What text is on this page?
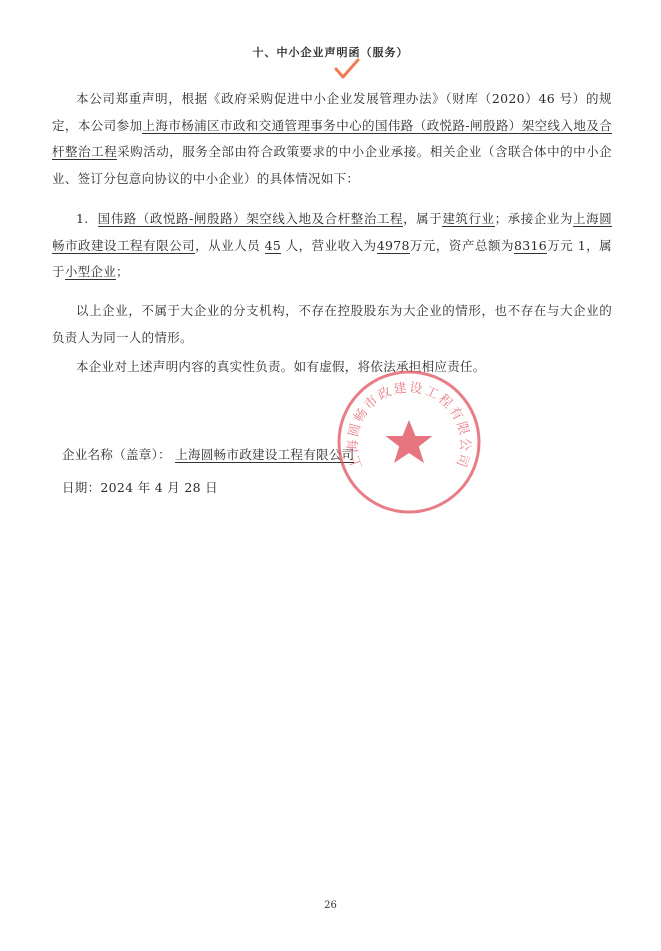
十、中小企业声明函（服务）
本公司郑重声明，根据《政府采购促进中小企业发展管理办法》（财库（2020）46 号）的规定，本公司参加上海市杨浦区市政和交通管理事务中心的国伟路（政悦路-闸殷路）架空线入地及合杆整治工程采购活动，服务全部由符合政策要求的中小企业承接。相关企业（含联合体中的中小企业、签订分包意向协议的中小企业）的具体情况如下：
1. 国伟路（政悦路-闸殷路）架空线入地及合杆整治工程，属于建筑行业；承接企业为上海圆畅市政建设工程有限公司，从业人员 45 人，营业收入为4978万元，资产总额为8316万元 1，属于小型企业；
以上企业，不属于大企业的分支机构，不存在控股股东为大企业的情形，也不存在与大企业的负责人为同一人的情形。
本企业对上述声明内容的真实性负责。如有虚假，将依法承担相应责任。
企业名称（盖章）： 上海圆畅市政建设工程有限公司
日期：2024 年 4 月 28 日
上海圆畅市政建设工程有限公司
26
